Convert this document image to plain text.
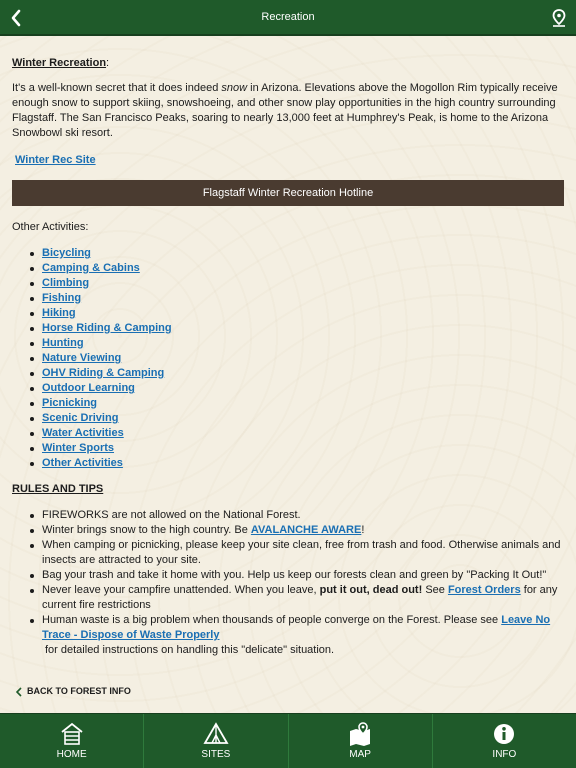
Recreation
Winter Recreation:
It's a well-known secret that it does indeed snow in Arizona. Elevations above the Mogollon Rim typically receive enough snow to support skiing, snowshoeing, and other snow play opportunities in the high country surrounding Flagstaff. The San Francisco Peaks, soaring to nearly 13,000 feet at Humphrey's Peak, is home to the Arizona Snowbowl ski resort.
Winter Rec Site
Flagstaff Winter Recreation Hotline
Other Activities:
Bicycling
Camping & Cabins
Climbing
Fishing
Hiking
Horse Riding & Camping
Hunting
Nature Viewing
OHV Riding & Camping
Outdoor Learning
Picnicking
Scenic Driving
Water Activities
Winter Sports
Other Activities
RULES AND TIPS
FIREWORKS are not allowed on the National Forest.
Winter brings snow to the high country. Be AVALANCHE AWARE!
When camping or picnicking, please keep your site clean, free from trash and food. Otherwise animals and insects are attracted to your site.
Bag your trash and take it home with you. Help us keep our forests clean and green by "Packing It Out!"
Never leave your campfire unattended. When you leave, put it out, dead out! See Forest Orders for any current fire restrictions
Human waste is a big problem when thousands of people converge on the Forest. Please see Leave No Trace - Dispose of Waste Properly
for detailed instructions on handling this "delicate" situation.
BACK TO FOREST INFO
HOME	SITES	MAP	INFO
